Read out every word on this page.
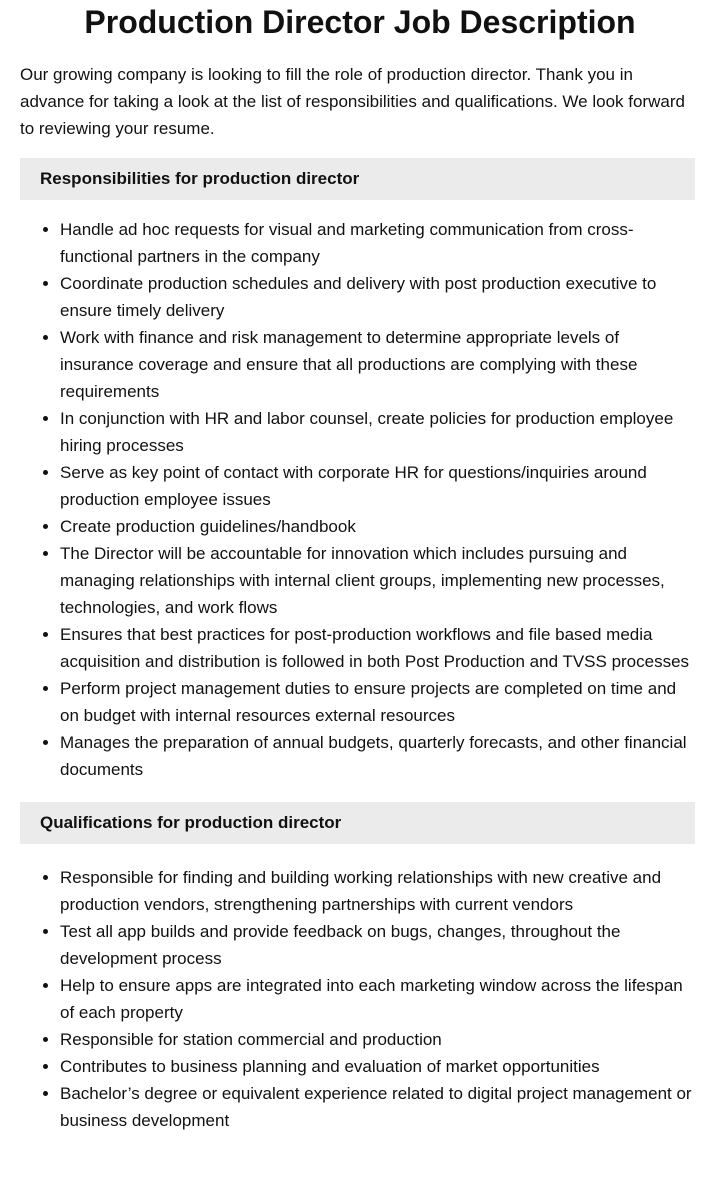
Production Director Job Description

Our growing company is looking to fill the role of production director. Thank you in advance for taking a look at the list of responsibilities and qualifications. We look forward to reviewing your resume.

Responsibilities for production director
• Handle ad hoc requests for visual and marketing communication from cross-functional partners in the company
• Coordinate production schedules and delivery with post production executive to ensure timely delivery
• Work with finance and risk management to determine appropriate levels of insurance coverage and ensure that all productions are complying with these requirements
• In conjunction with HR and labor counsel, create policies for production employee hiring processes
• Serve as key point of contact with corporate HR for questions/inquiries around production employee issues
• Create production guidelines/handbook
• The Director will be accountable for innovation which includes pursuing and managing relationships with internal client groups, implementing new processes, technologies, and work flows
• Ensures that best practices for post-production workflows and file based media acquisition and distribution is followed in both Post Production and TVSS processes
• Perform project management duties to ensure projects are completed on time and on budget with internal resources external resources
• Manages the preparation of annual budgets, quarterly forecasts, and other financial documents
Qualifications for production director
• Responsible for finding and building working relationships with new creative and production vendors, strengthening partnerships with current vendors
• Test all app builds and provide feedback on bugs, changes, throughout the development process
• Help to ensure apps are integrated into each marketing window across the lifespan of each property
• Responsible for station commercial and production
• Contributes to business planning and evaluation of market opportunities
• Bachelor’s degree or equivalent experience related to digital project management or business development
